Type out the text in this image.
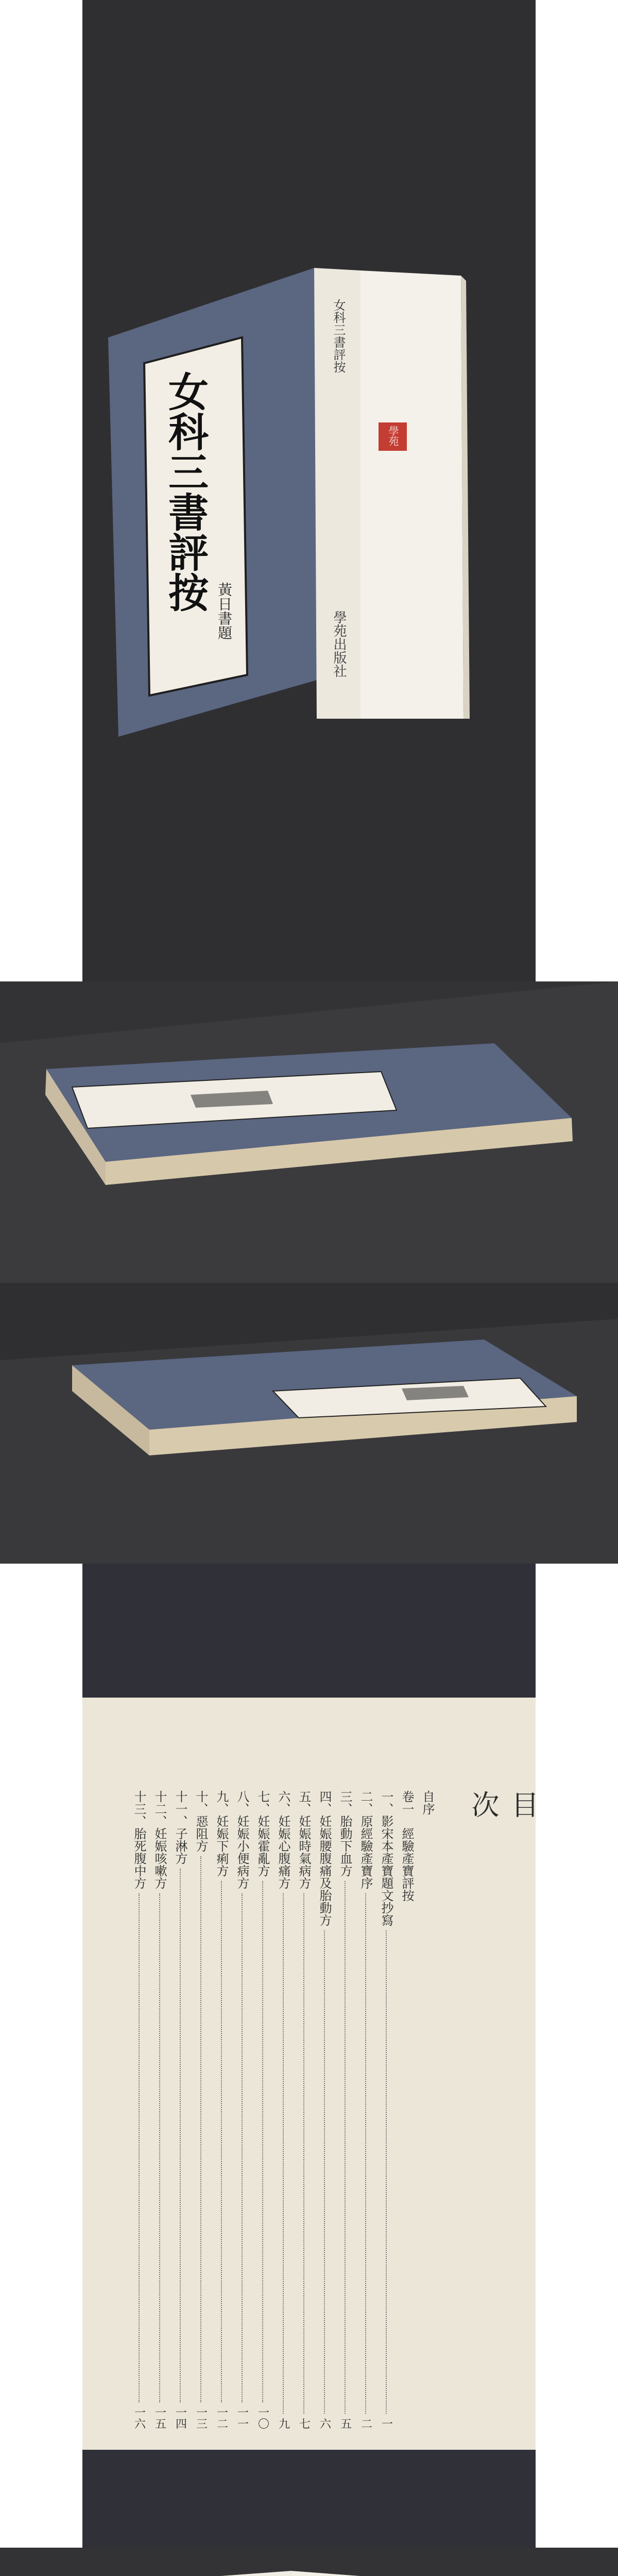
女科三書評按 黃日書題
女科三書評按
學苑
學苑出版社
目　次
自序
卷一　經驗產寶評按
一、影宋本產寶題文抄寫
一
二、原經驗產寶序
二
三、胎動下血方
五
四、妊娠腰腹痛及胎動方
六
五、妊娠時氣病方
七
六、妊娠心腹痛方
九
七、妊娠霍亂方
一〇
八、妊娠小便病方
一一
九、妊娠下痢方
一二
十、惡阻方
一三
十一、子淋方
一四
十二、妊娠咳嗽方
一五
十三、胎死腹中方
一六
